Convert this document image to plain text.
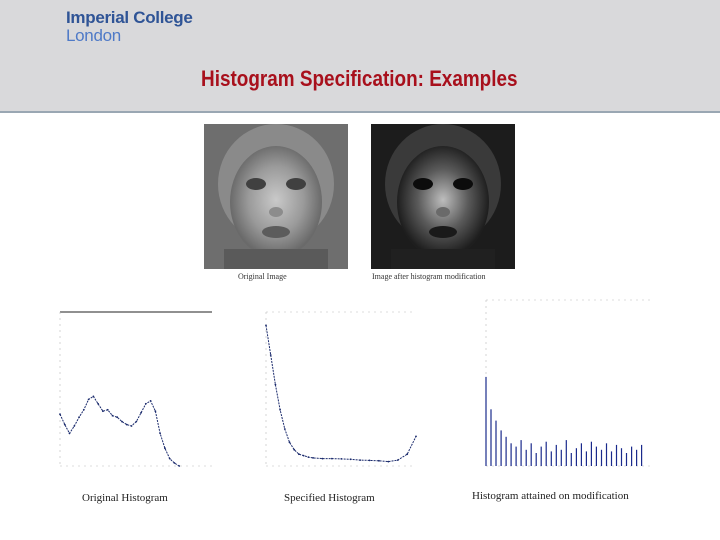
Imperial College
London
Histogram Specification: Examples
Original Image	Image after histogram modification
Original Histogram	Specified Histogram	Histogram attained on modification
